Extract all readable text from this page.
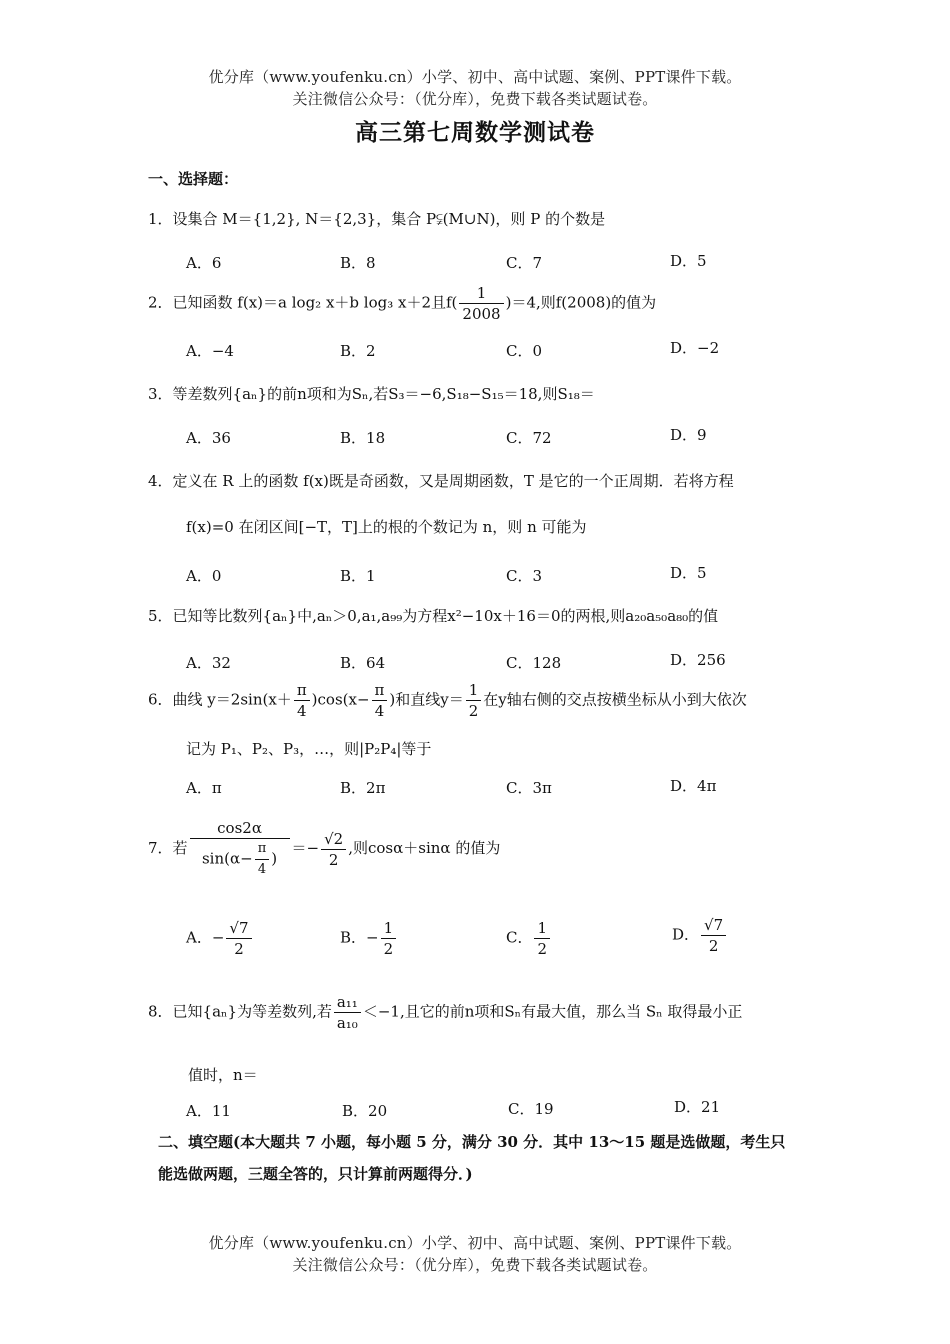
优分库（www.youfenku.cn）小学、初中、高中试题、案例、PPT课件下载。
关注微信公众号：（优分库），免费下载各类试题试卷。
高三第七周数学测试卷
一、选择题：
1．设集合 M＝{1,2}, N＝{2,3}，集合 P⫋(M∪N)，则 P 的个数是
A．6	B．8	C．7	D．5
2．已知函数 f(x)＝a log₂ x＋b log₃ x＋2且$f( \frac{1}{2008} )=4$,则f(2008)的值为
A．−4	B．2	C．0	D．−2
3．等差数列{aₙ}的前n项和为Sₙ,若S₃＝−6,S₁₈−S₁₅＝18,则S₁₈＝
A．36	B．18	C．72	D．9
4．定义在 R 上的函数 f(x)既是奇函数，又是周期函数，T 是它的一个正周期．若将方程
f(x)=0 在闭区间[−T，T]上的根的个数记为 n，则 n 可能为
A．0	B．1	C．3	D．5
5．已知等比数列{aₙ}中,aₙ＞0,a₁,a₉₉为方程x²−10x＋16＝0的两根,则a₂₀a₅₀a₈₀的值
A．32	B．64	C．128	D．256
6．曲线 $y=2\sin(x+ \frac{\pi}{4} )\cos(x- \frac{\pi}{4}$ )和直线$y= \frac{1}{2}$ 在y轴右侧的交点按横坐标从小到大依次
记为 P₁、P₂、P₃，…，则|P₂P₄|等于
A．π	B．2π	C．3π	D．4π
7．若 $\frac{\cos 2\alpha}{\sin(\alpha- \frac{\pi}{4} )} =- \frac{√2}{2}$ ,则cosα＋sinα 的值为
A．− $\frac{√7}{2}$	B．− $\frac{1}{2}$	C． $\frac{1}{2}$	D． $\frac{√7}{2}$
8．已知{aₙ}为等差数列,若 $\frac{\text{a₁₁}}{\text{a₁₀}} <-1$,且它的前n项和Sₙ有最大值，那么当 Sₙ 取得最小正
值时，n＝
A．11	B．20	C．19	D．21
二、填空题(本大题共 7 小题，每小题 5 分，满分 30 分．其中 13～15 题是选做题，考生只
能选做两题，三题全答的，只计算前两题得分．)
优分库（www.youfenku.cn）小学、初中、高中试题、案例、PPT课件下载。
关注微信公众号：（优分库），免费下载各类试题试卷。
